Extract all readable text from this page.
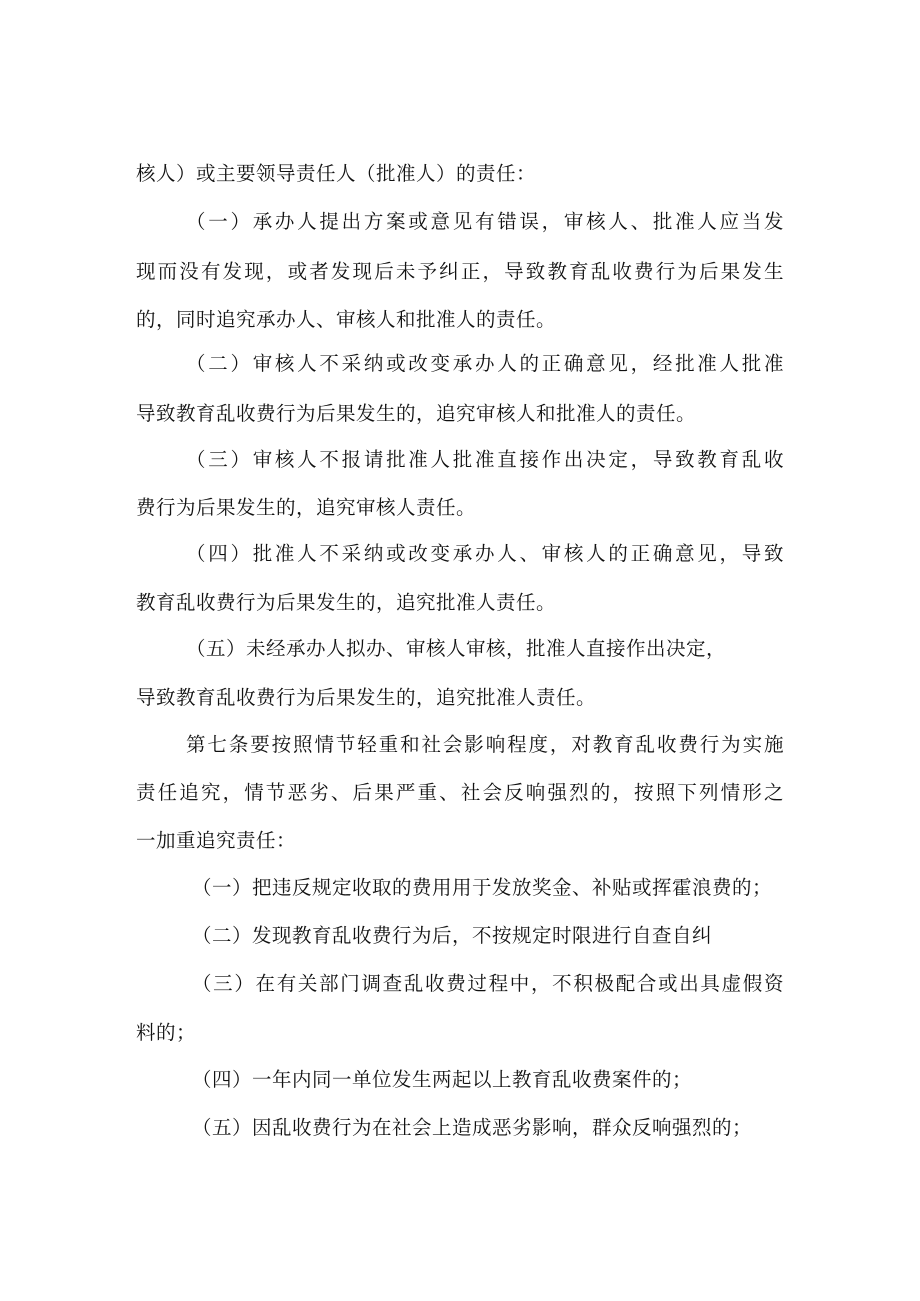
核人）或主要领导责任人（批准人）的责任：
（一）承办人提出方案或意见有错误，审核人、批准人应当发
现而没有发现，或者发现后未予纠正，导致教育乱收费行为后果发生
的，同时追究承办人、审核人和批准人的责任。
（二）审核人不采纳或改变承办人的正确意见，经批准人批准
导致教育乱收费行为后果发生的，追究审核人和批准人的责任。
（三）审核人不报请批准人批准直接作出决定，导致教育乱收
费行为后果发生的，追究审核人责任。
（四）批准人不采纳或改变承办人、审核人的正确意见，导致
教育乱收费行为后果发生的，追究批准人责任。
（五）未经承办人拟办、审核人审核，批准人直接作出决定，
导致教育乱收费行为后果发生的，追究批准人责任。
第七条要按照情节轻重和社会影响程度，对教育乱收费行为实施
责任追究，情节恶劣、后果严重、社会反响强烈的，按照下列情形之
一加重追究责任：
（一）把违反规定收取的费用用于发放奖金、补贴或挥霍浪费的；
（二）发现教育乱收费行为后，不按规定时限进行自查自纠
（三）在有关部门调查乱收费过程中，不积极配合或出具虚假资
料的；
（四）一年内同一单位发生两起以上教育乱收费案件的；
（五）因乱收费行为在社会上造成恶劣影响，群众反响强烈的；
